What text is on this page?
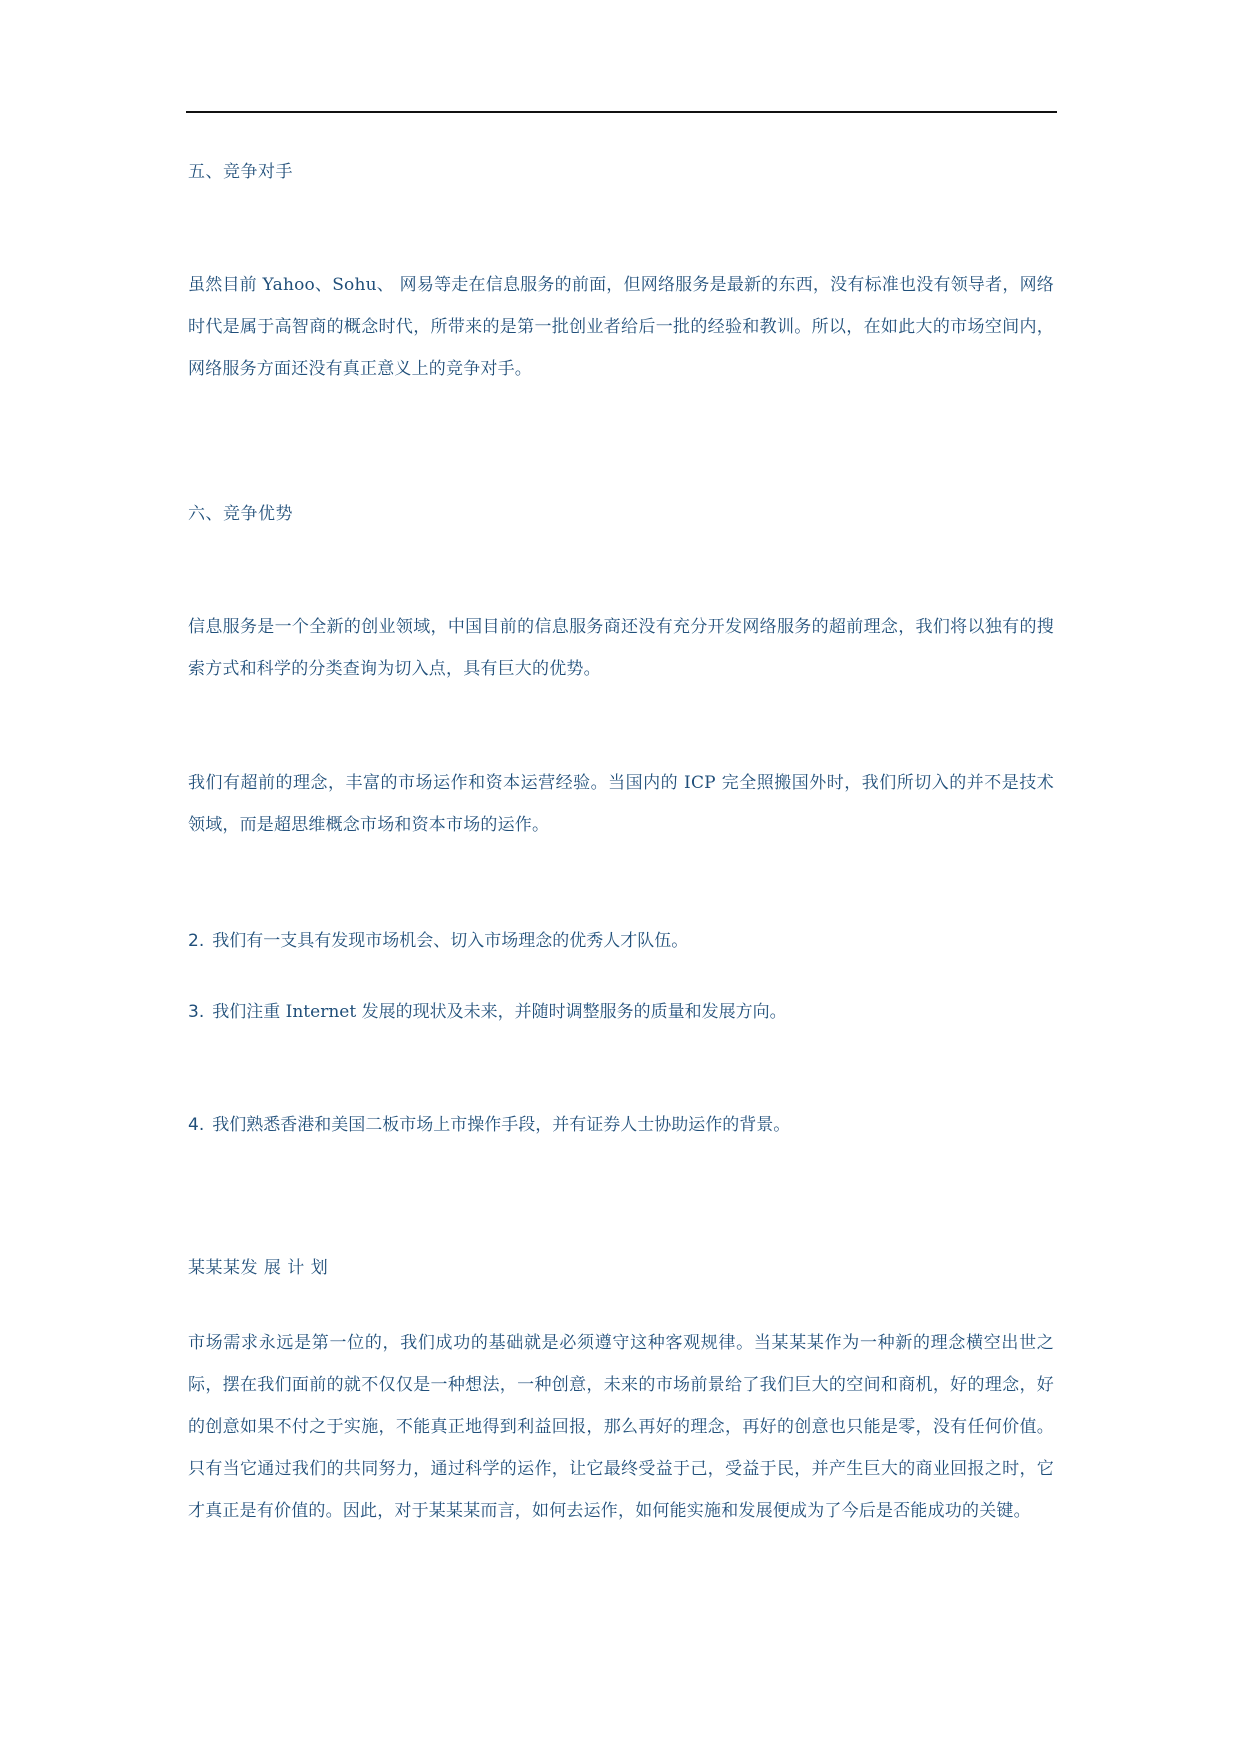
五、竞争对手

虽然目前 Yahoo、Sohu、 网易等走在信息服务的前面，但网络服务是最新的东西，没有标准也没有领导者，网络时代是属于高智商的概念时代，所带来的是第一批创业者给后一批的经验和教训。所以，在如此大的市场空间内，网络服务方面还没有真正意义上的竞争对手。

六、竞争优势

信息服务是一个全新的创业领域，中国目前的信息服务商还没有充分开发网络服务的超前理念，我们将以独有的搜索方式和科学的分类查询为切入点，具有巨大的优势。

我们有超前的理念，丰富的市场运作和资本运营经验。当国内的 ICP 完全照搬国外时，我们所切入的并不是技术领域，而是超思维概念市场和资本市场的运作。

2. 我们有一支具有发现市场机会、切入市场理念的优秀人才队伍。

3. 我们注重 Internet 发展的现状及未来，并随时调整服务的质量和发展方向。

4. 我们熟悉香港和美国二板市场上市操作手段，并有证券人士协助运作的背景。

某某某发 展 计 划

市场需求永远是第一位的，我们成功的基础就是必须遵守这种客观规律。当某某某作为一种新的理念横空出世之际，摆在我们面前的就不仅仅是一种想法，一种创意，未来的市场前景给了我们巨大的空间和商机，好的理念，好的创意如果不付之于实施，不能真正地得到利益回报，那么再好的理念，再好的创意也只能是零，没有任何价值。只有当它通过我们的共同努力，通过科学的运作，让它最终受益于己，受益于民，并产生巨大的商业回报之时，它才真正是有价值的。因此，对于某某某而言，如何去运作，如何能实施和发展便成为了今后是否能成功的关键。
